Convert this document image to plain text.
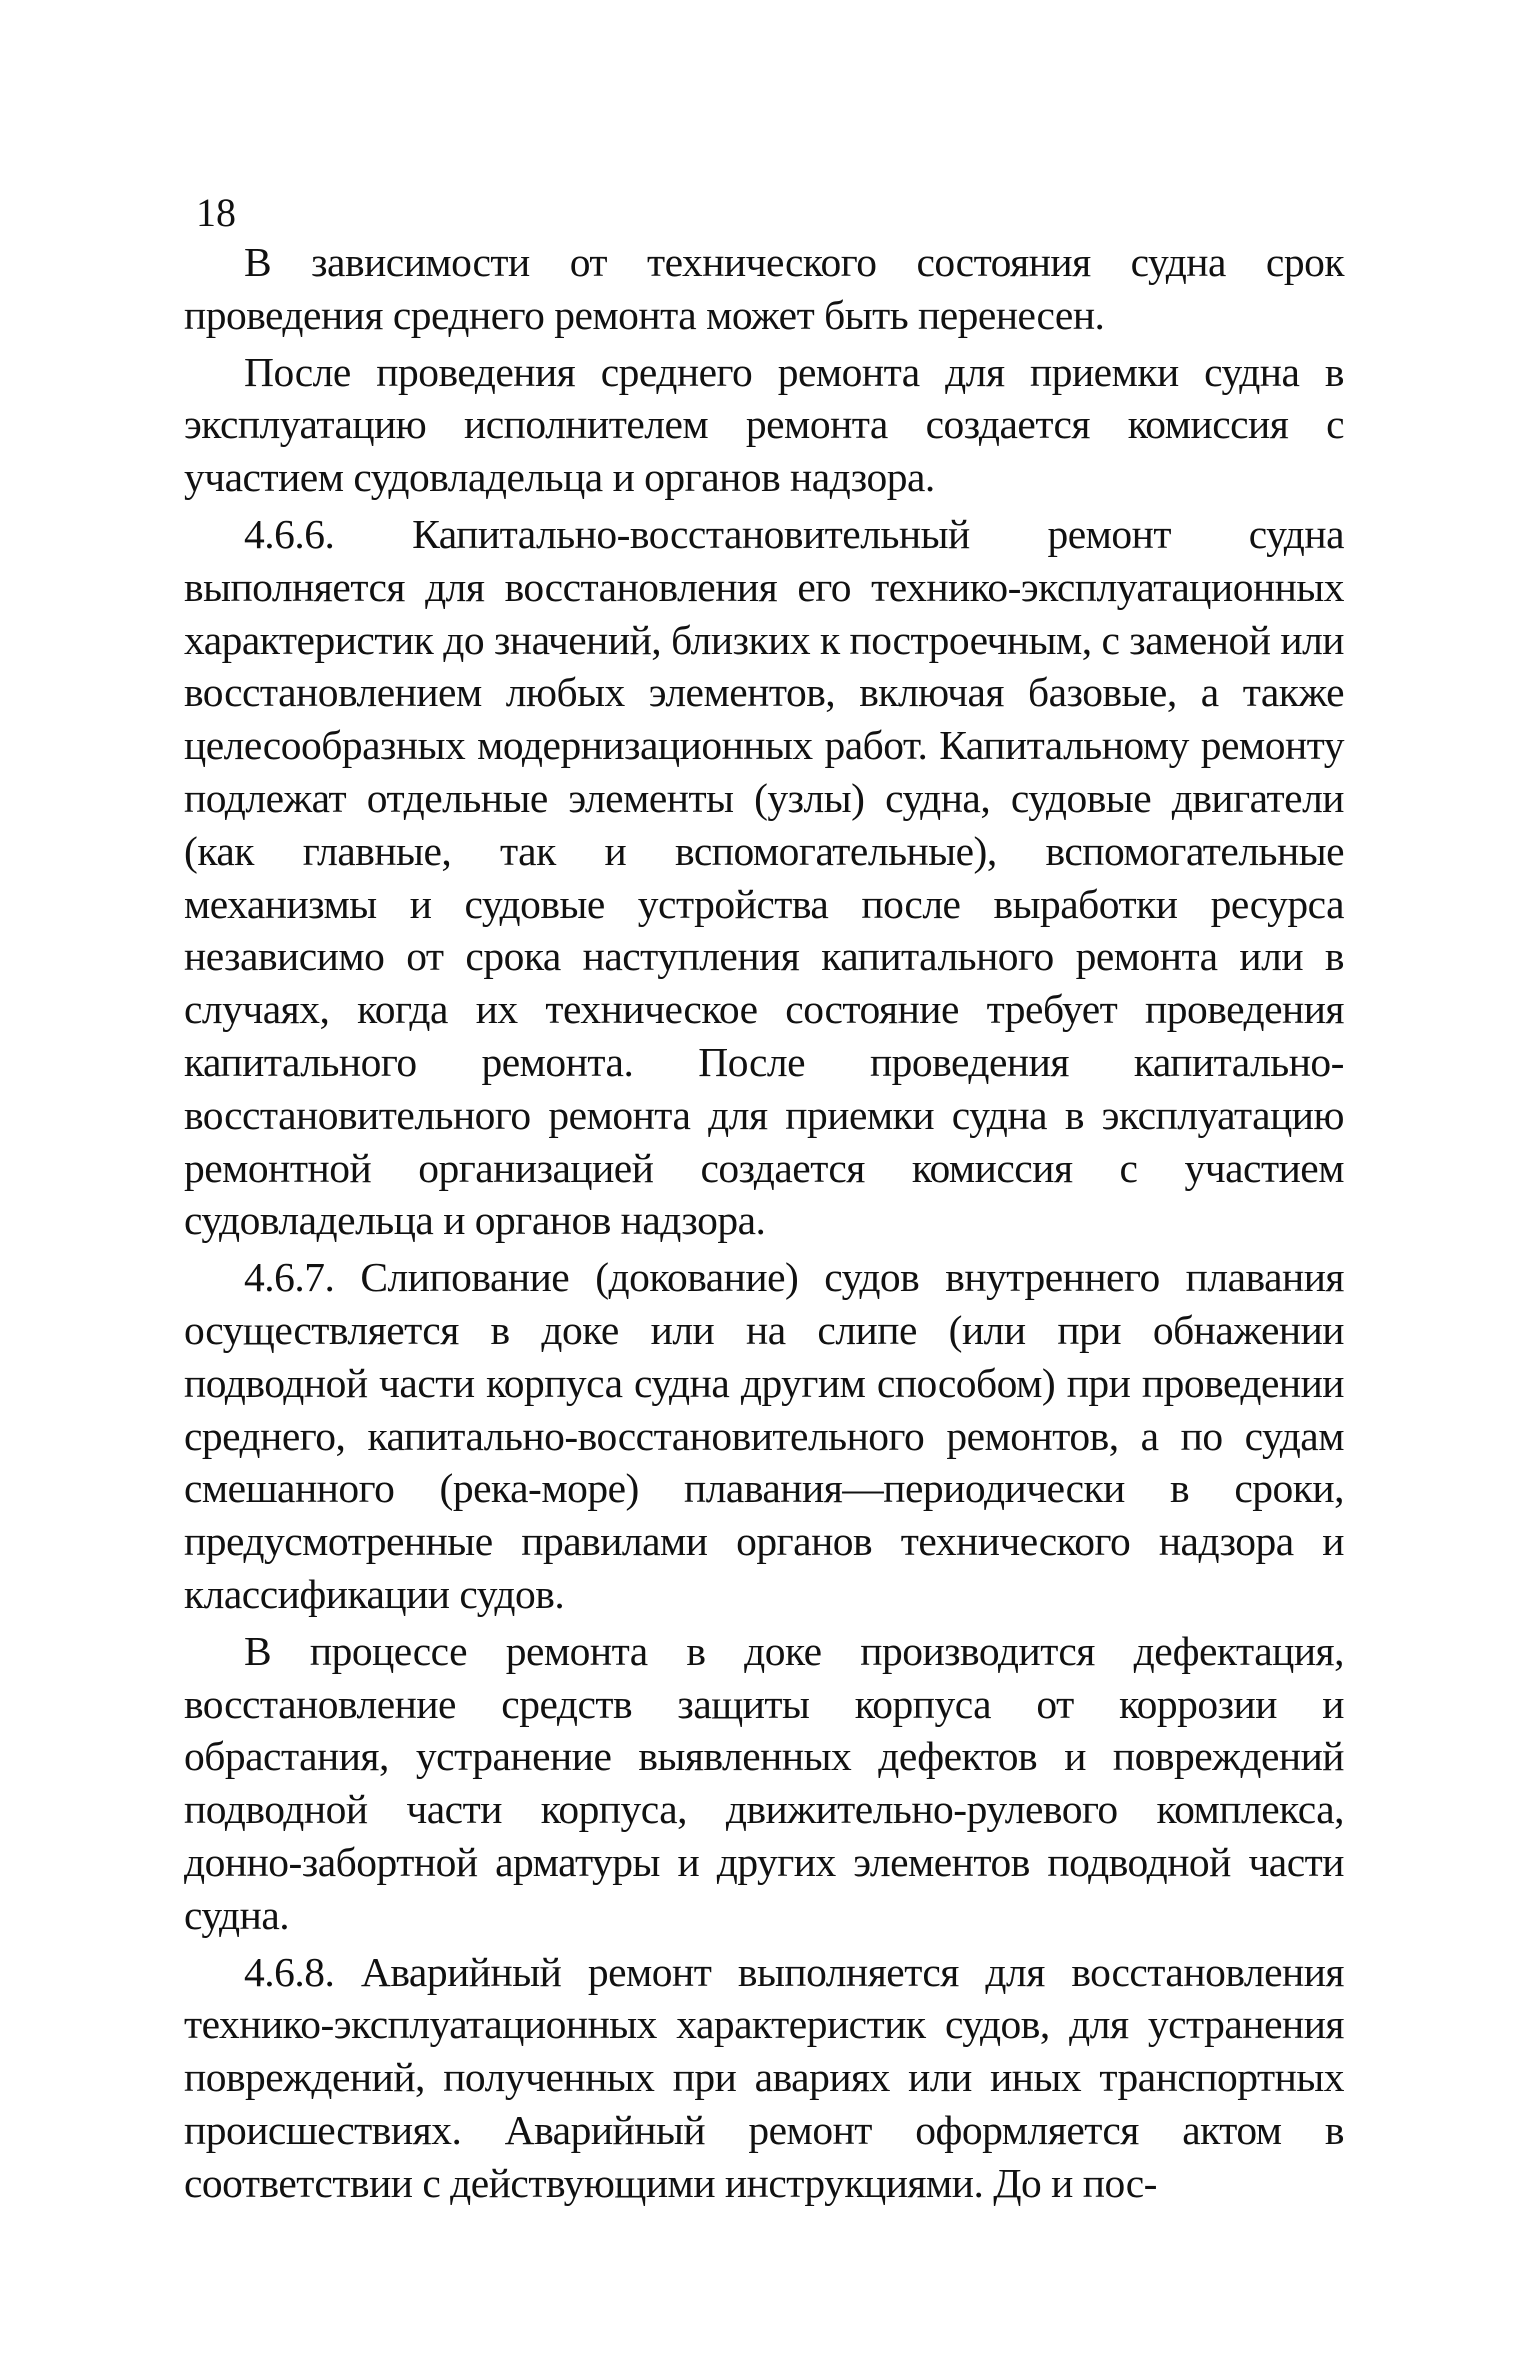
18

В зависимости от технического состояния судна срок проведения среднего ремонта может быть перенесен.

После проведения среднего ремонта для приемки судна в эксплуатацию исполнителем ремонта создается комиссия с участием судовладельца и органов надзора.

4.6.6. Капитально-восстановительный ремонт судна выполняется для восстановления его технико-эксплуатационных характеристик до значений, близких к построечным, с заменой или восстановлением любых элементов, включая базовые, а также целесообразных модернизационных работ. Капитальному ремонту подлежат отдельные элементы (узлы) судна, судовые двигатели (как главные, так и вспомогательные), вспомогательные механизмы и судовые устройства после выработки ресурса независимо от срока наступления капитального ремонта или в случаях, когда их техническое состояние требует проведения капитального ремонта. После проведения капитально-восстановительного ремонта для приемки судна в эксплуатацию ремонтной организацией создается комиссия с участием судовладельца и органов надзора.

4.6.7. Слипование (докование) судов внутреннего плавания осуществляется в доке или на слипе (или при обнажении подводной части корпуса судна другим способом) при проведении среднего, капитально-восстановительного ремонтов, а по судам смешанного (река-море) плавания—периодически в сроки, предусмотренные правилами органов технического надзора и классификации судов.

В процессе ремонта в доке производится дефектация, восстановление средств защиты корпуса от коррозии и обрастания, устранение выявленных дефектов и повреждений подводной части корпуса, движительно-рулевого комплекса, донно-забортной арматуры и других элементов подводной части судна.

4.6.8. Аварийный ремонт выполняется для восстановления технико-эксплуатационных характеристик судов, для устранения повреждений, полученных при авариях или иных транспортных происшествиях. Аварийный ремонт оформляется актом в соответствии с действующими инструкциями. До и пос-
